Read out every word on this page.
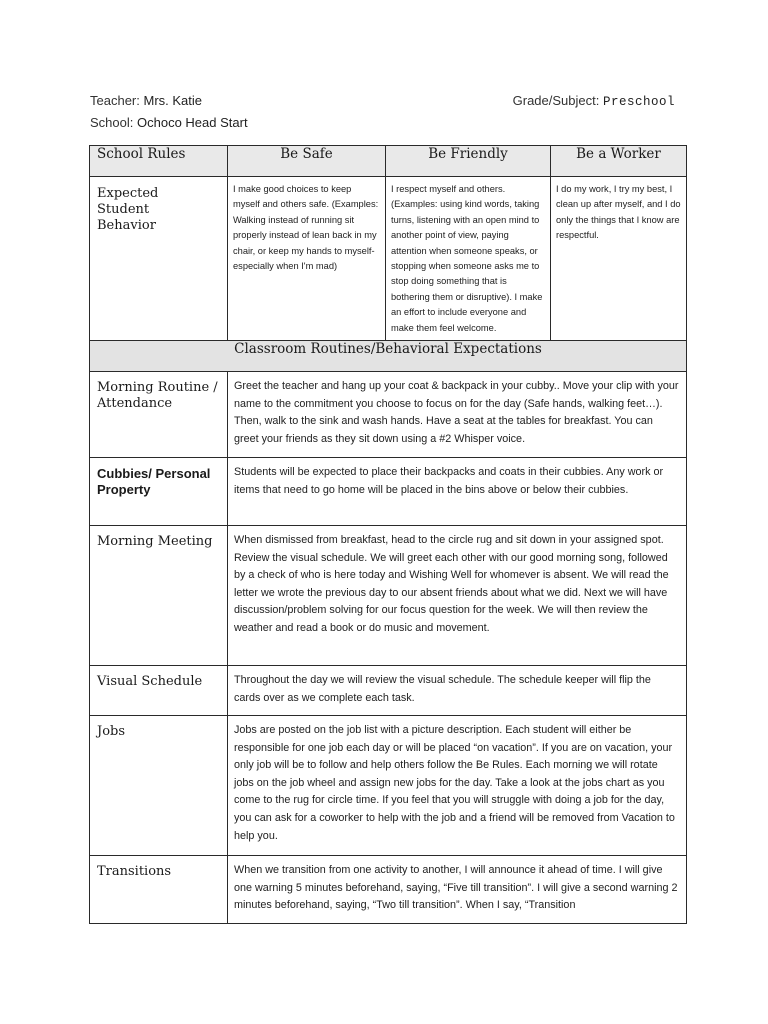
Teacher: Mrs. Katie	Grade/Subject: Preschool
School: Ochoco Head Start
School Rules	Be Safe	Be Friendly	Be a Worker

Expected Student Behavior	I make good choices to keep myself and others safe. (Examples: Walking instead of running sit properly instead of lean back in my chair, or keep my hands to myself-especially when I'm mad)	I respect myself and others. (Examples: using kind words, taking turns, listening with an open mind to another point of view, paying attention when someone speaks, or stopping when someone asks me to stop doing something that is bothering them or disruptive). I make an effort to include everyone and make them feel welcome.	I do my work, I try my best, I clean up after myself, and I do only the things that I know are respectful.

Classroom Routines/Behavioral Expectations			

Morning Routine / Attendance	Greet the teacher and hang up your coat & backpack in your cubby.. Move your clip with your name to the commitment you choose to focus on for the day (Safe hands, walking feet…). Then, walk to the sink and wash hands. Have a seat at the tables for breakfast. You can greet your friends as they sit down using a #2 Whisper voice.		

Cubbies/ Personal Property	Students will be expected to place their backpacks and coats in their cubbies. Any work or items that need to go home will be placed in the bins above or below their cubbies.		

Morning Meeting	When dismissed from breakfast, head to the circle rug and sit down in your assigned spot. Review the visual schedule. We will greet each other with our good morning song, followed by a check of who is here today and Wishing Well for whomever is absent. We will read the letter we wrote the previous day to our absent friends about what we did. Next we will have discussion/problem solving for our focus question for the week. We will then review the weather and read a book or do music and movement.		

Visual Schedule	Throughout the day we will review the visual schedule. The schedule keeper will flip the cards over as we complete each task.		

Jobs	Jobs are posted on the job list with a picture description. Each student will either be responsible for one job each day or will be placed “on vacation”. If you are on vacation, your only job will be to follow and help others follow the Be Rules. Each morning we will rotate jobs on the job wheel and assign new jobs for the day. Take a look at the jobs chart as you come to the rug for circle time. If you feel that you will struggle with doing a job for the day, you can ask for a coworker to help with the job and a friend will be removed from Vacation to help you.		

Transitions	When we transition from one activity to another, I will announce it ahead of time. I will give one warning 5 minutes beforehand, saying, “Five till transition”. I will give a second warning 2 minutes beforehand, saying, “Two till transition”. When I say, “Transition		
